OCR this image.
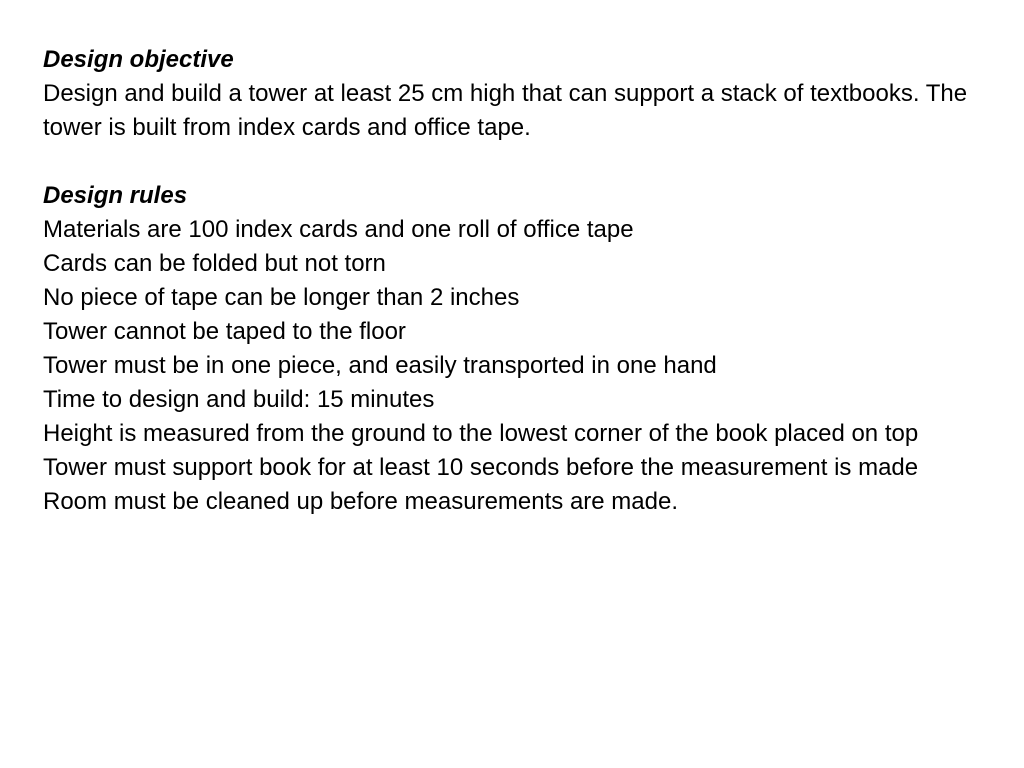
Design objective

Design and build a tower at least 25 cm high that can support a stack of textbooks. The tower is built from index cards and office tape.

Design rules

Materials are 100 index cards and one roll of office tape
Cards can be folded but not torn
No piece of tape can be longer than 2 inches
Tower cannot be taped to the floor
Tower must be in one piece, and easily transported in one hand
Time to design and build: 15 minutes
Height is measured from the ground to the lowest corner of the book placed on top
Tower must support book for at least 10 seconds before the measurement is made
Room must be cleaned up before measurements are made.
